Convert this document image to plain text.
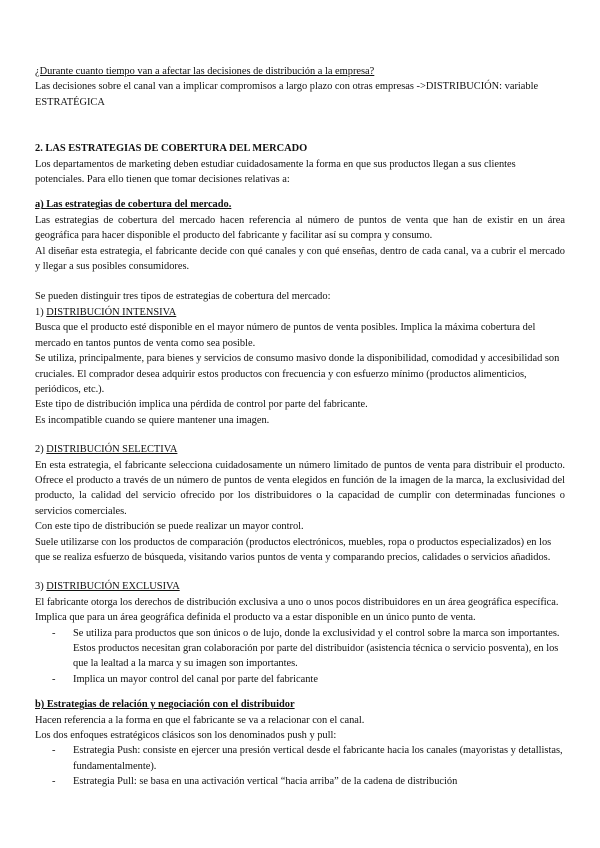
¿Durante cuanto tiempo van a afectar las decisiones de distribución a la empresa?

Las decisiones sobre el canal van a implicar compromisos a largo plazo con otras empresas ->DISTRIBUCIÓN: variable ESTRATÉGICA

2. LAS ESTRATEGIAS DE COBERTURA DEL MERCADO

Los departamentos de marketing deben estudiar cuidadosamente la forma en que sus productos llegan a sus clientes potenciales. Para ello tienen que tomar decisiones relativas a:

a) Las estrategias de cobertura del mercado.

Las estrategias de cobertura del mercado hacen referencia al número de puntos de venta que han de existir en un área geográfica para hacer disponible el producto del fabricante y facilitar así su compra y consumo.

Al diseñar esta estrategia, el fabricante decide con qué canales y con qué enseñas, dentro de cada canal, va a cubrir el mercado y llegar a sus posibles consumidores.

Se pueden distinguir tres tipos de estrategias de cobertura del mercado:

1) DISTRIBUCIÓN INTENSIVA

Busca que el producto esté disponible en el mayor número de puntos de venta posibles. Implica la máxima cobertura del mercado en tantos puntos de venta como sea posible.

Se utiliza, principalmente, para bienes y servicios de consumo masivo donde la disponibilidad, comodidad y accesibilidad son cruciales. El comprador desea adquirir estos productos con frecuencia y con esfuerzo mínimo (productos alimenticios, periódicos, etc.).

Este tipo de distribución implica una pérdida de control por parte del fabricante.

Es incompatible cuando se quiere mantener una imagen.

2) DISTRIBUCIÓN SELECTIVA

En esta estrategia, el fabricante selecciona cuidadosamente un número limitado de puntos de venta para distribuir el producto. Ofrece el producto a través de un número de puntos de venta elegidos en función de la imagen de la marca, la exclusividad del producto, la calidad del servicio ofrecido por los distribuidores o la capacidad de cumplir con determinadas funciones o servicios comerciales.

Con este tipo de distribución se puede realizar un mayor control.

Suele utilizarse con los productos de comparación (productos electrónicos, muebles, ropa o productos especializados) en los que se realiza esfuerzo de búsqueda, visitando varios puntos de venta y comparando precios, calidades o servicios añadidos.

3) DISTRIBUCIÓN EXCLUSIVA

El fabricante otorga los derechos de distribución exclusiva a uno o unos pocos distribuidores en un área geográfica específica. Implica que para un área geográfica definida el producto va a estar disponible en un único punto de venta.

- Se utiliza para productos que son únicos o de lujo, donde la exclusividad y el control sobre la marca son importantes. Estos productos necesitan gran colaboración por parte del distribuidor (asistencia técnica o servicio posventa), en los que la lealtad a la marca y su imagen son importantes.
- Implica un mayor control del canal por parte del fabricante

b) Estrategias de relación y negociación con el distribuidor

Hacen referencia a la forma en que el fabricante se va a relacionar con el canal.

Los dos enfoques estratégicos clásicos son los denominados push y pull:

- Estrategia Push: consiste en ejercer una presión vertical desde el fabricante hacia los canales (mayoristas y detallistas, fundamentalmente).
- Estrategia Pull: se basa en una activación vertical “hacia arriba” de la cadena de distribución
